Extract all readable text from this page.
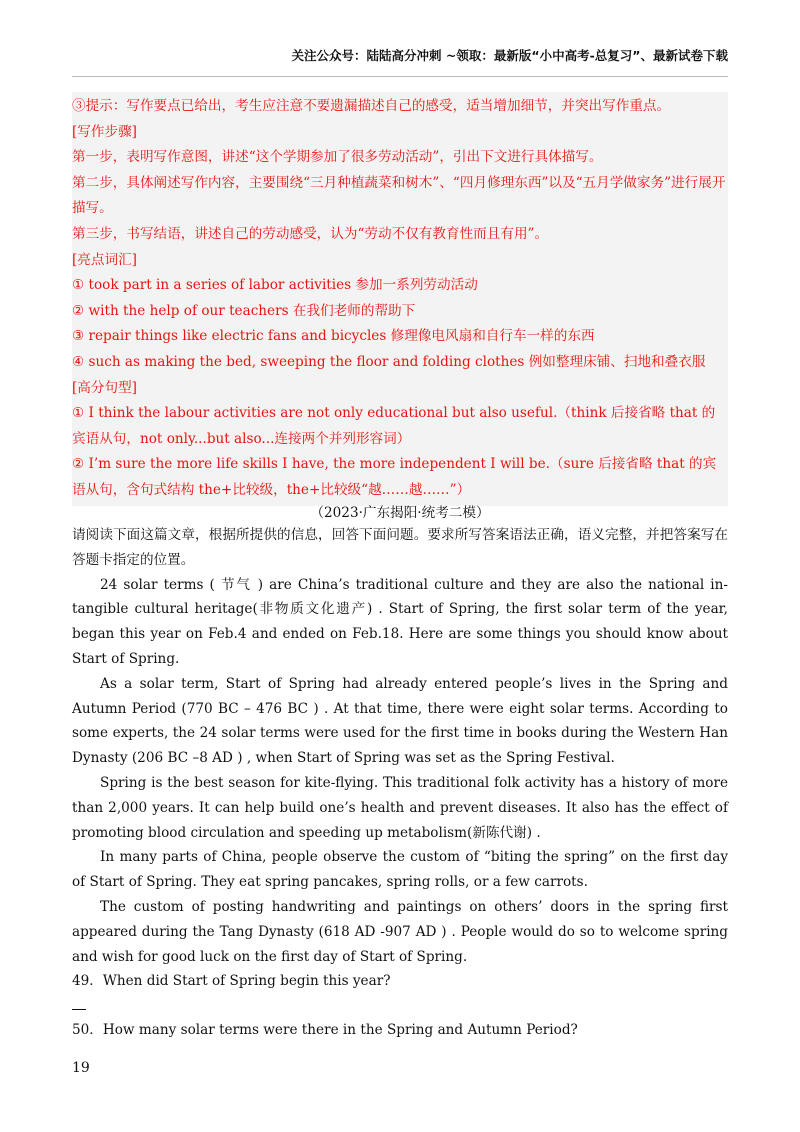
关注公众号：陆陆高分冲刺 ~领取：最新版“小中高考-总复习”、最新试卷下载

③提示：写作要点已给出，考生应注意不要遗漏描述自己的感受，适当增加细节，并突出写作重点。

[写作步骤]

第一步，表明写作意图，讲述“这个学期参加了很多劳动活动”，引出下文进行具体描写。

第二步，具体阐述写作内容，主要围绕“三月种植蔬菜和树木”、“四月修理东西”以及“五月学做家务”进行展开描写。

第三步，书写结语，讲述自己的劳动感受，认为“劳动不仅有教育性而且有用”。

[亮点词汇]

① took part in a series of labor activities 参加一系列劳动活动

② with the help of our teachers 在我们老师的帮助下

③ repair things like electric fans and bicycles 修理像电风扇和自行车一样的东西

④ such as making the bed, sweeping the floor and folding clothes 例如整理床铺、扫地和叠衣服

[高分句型]

① I think the labour activities are not only educational but also useful.（think 后接省略 that 的宾语从句，not only...but also...连接两个并列形容词）

② I’m sure the more life skills I have, the more independent I will be.（sure 后接省略 that 的宾语从句，含句式结构 the+比较级，the+比较级“越……越……”）

（2023·广东揭阳·统考二模）

请阅读下面这篇文章，根据所提供的信息，回答下面问题。要求所写答案语法正确，语义完整，并把答案写在答题卡指定的位置。

24 solar terms ( 节气 ) are China’s traditional culture and they are also the national in-tangible cultural heritage(非物质文化遗产) . Start of Spring, the first solar term of the year, began this year on Feb.4 and ended on Feb.18. Here are some things you should know about Start of Spring.

As a solar term, Start of Spring had already entered people’s lives in the Spring and Autumn Period (770 BC – 476 BC ) . At that time, there were eight solar terms. According to some experts, the 24 solar terms were used for the first time in books during the Western Han Dynasty (206 BC –8 AD ) , when Start of Spring was set as the Spring Festival.

Spring is the best season for kite-flying. This traditional folk activity has a history of more than 2,000 years. It can help build one’s health and prevent diseases. It also has the effect of promoting blood circulation and speeding up metabolism(新陈代谢) .

In many parts of China, people observe the custom of “biting the spring” on the first day of Start of Spring. They eat spring pancakes, spring rolls, or a few carrots.

The custom of posting handwriting and paintings on others’ doors in the spring first appeared during the Tang Dynasty (618 AD -907 AD ) . People would do so to welcome spring and wish for good luck on the first day of Start of Spring.

49．When did Start of Spring begin this year?

50．How many solar terms were there in the Spring and Autumn Period?

19
